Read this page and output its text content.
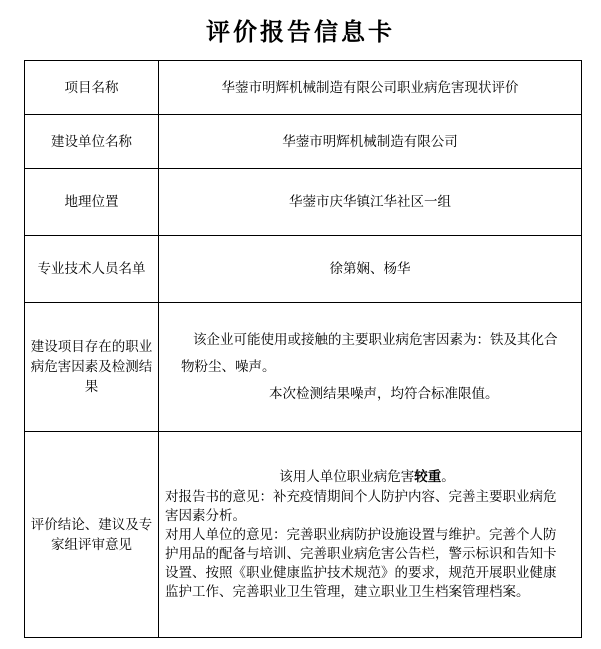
评价报告信息卡
项目名称	华蓥市明辉机械制造有限公司职业病危害现状评价
建设单位名称	华蓥市明辉机械制造有限公司
地理位置	华蓥市庆华镇江华社区一组
专业技术人员名单	徐第娴、杨华
建设项目存在的职业病危害因素及检测结果	该企业可能使用或接触的主要职业病危害因素为：铁及其化合物粉尘、噪声。
本次检测结果噪声，均符合标准限值。

评价结论、建议及专家组评审意见	该用人单位职业病危害较重。
对报告书的意见：补充疫情期间个人防护内容、完善主要职业病危害因素分析。
对用人单位的意见：完善职业病防护设施设置与维护。完善个人防护用品的配备与培训、完善职业病危害公告栏，警示标识和告知卡设置、按照《职业健康监护技术规范》的要求，规范开展职业健康监护工作、完善职业卫生管理，建立职业卫生档案管理档案。
